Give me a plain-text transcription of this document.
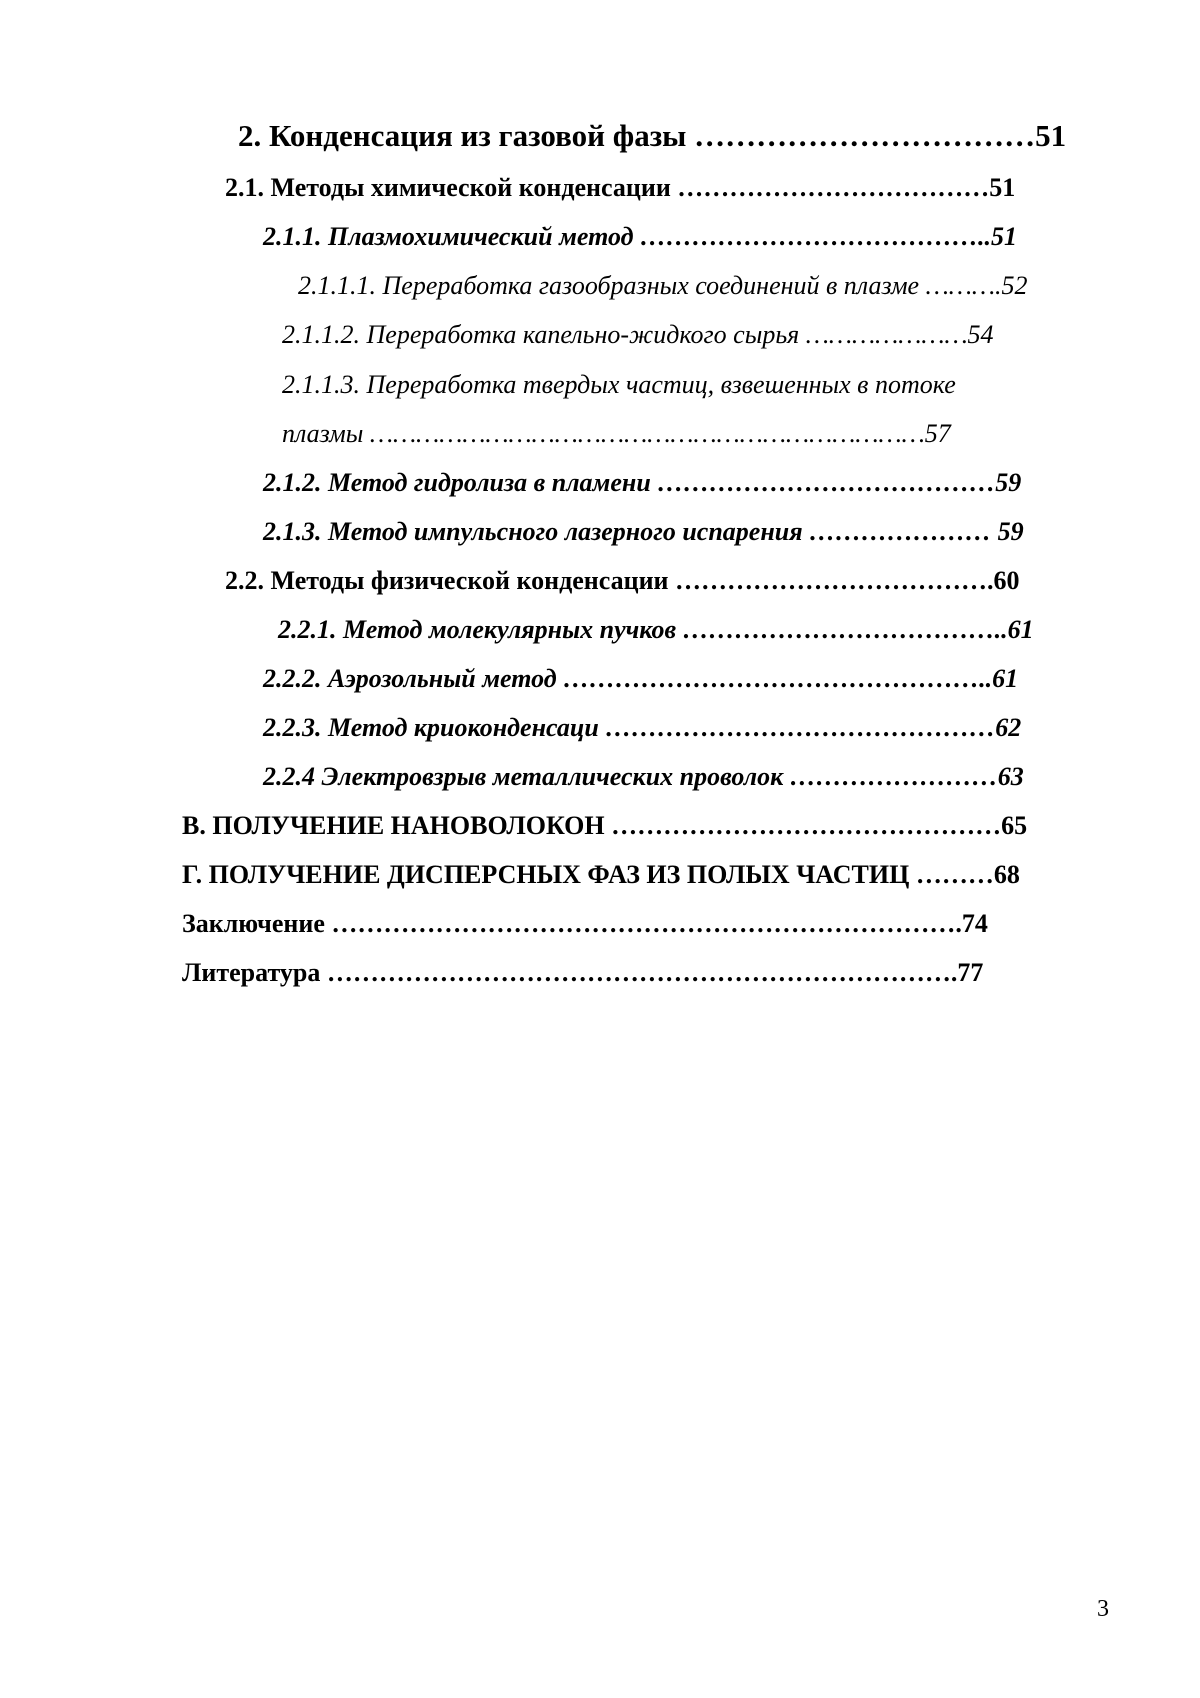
2. Конденсация из газовой фазы ……………………………51
2.1. Методы химической конденсации ………………………………51
2.1.1. Плазмохимический метод …………………………………..51
2.1.1.1. Переработка газообразных соединений в плазме ……….52
2.1.1.2. Переработка капельно-жидкого сырья …………………54
2.1.1.3. Переработка твердых частиц, взвешенных в потоке
плазмы ………………………………………………………………57
2.1.2. Метод гидролиза в пламени …………………………………59
2.1.3. Метод импульсного лазерного испарения ………………… 59
2.2. Методы физической конденсации ……………………………….60
2.2.1. Метод молекулярных пучков ………………………………..61
2.2.2. Аэрозольный метод …………………………………………..61
2.2.3. Метод криоконденсаци ………………………………………62
2.2.4 Электровзрыв металлических проволок ……………………63
В. ПОЛУЧЕНИЕ НАНОВОЛОКОН ………………………………………65
Г. ПОЛУЧЕНИЕ ДИСПЕРСНЫХ ФАЗ ИЗ ПОЛЫХ ЧАСТИЦ ………68
Заключение ……………………………………………………………….74
Литература ……………………………………………………………….77
3
